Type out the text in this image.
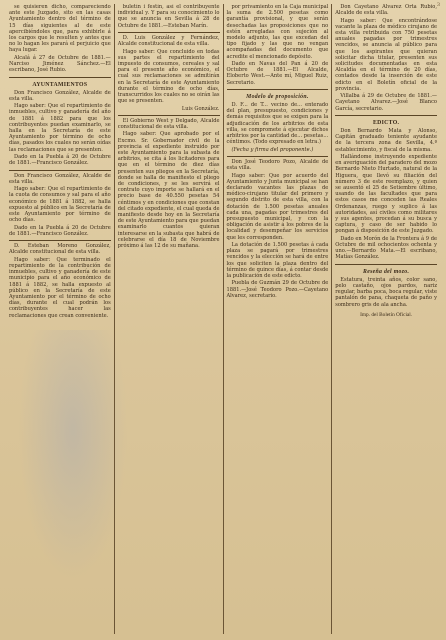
3

se quisieren dicho, compareciendo ante este Juzgado, sito en las casas Ayuntamiento dentro del término de 15 días siguientes al de este apercibiéndoles que, para exhibirle á los cargos que le resulten y antes que no lo hagan les parará el perjuicio que haya lugar.

Alcalá á 27 de Octubre de 1881.—Narciso Jiménez Sánchez.—El escribano, José Rubio.

AYUNTAMIENTOS

Don Francisco González, Alcalde de esta villa.

Hago saber: Que el repartimiento de inmuebles, cultivo y ganadería del año de 1881 á 1882 para que los contribuyentes puedan examinarlo, se halla en la Secretaría de este Ayuntamiento por término de ocho días, pasados los cuales no serán oídas las reclamaciones que se presenten.

Dado en la Puebla á 20 de Octubre de 1881.—Francisco González.

Don Francisco González, Alcalde de esta villa.

Hago saber: Que el repartimiento de la cuota de consumos y sal para el año económico de 1881 á 1882, se halla expuesto al público en la Secretaría de este Ayuntamiento por término de ocho días.

Dado en la Puebla á 20 de Octubre de 1881.—Francisco González.

D. Esteban Moreno González, Alcalde constitucional de esta villa.

Hago saber: Que terminado el repartimiento de la contribución de inmuebles, cultivo y ganadería de este municipio para el año económico de 1881 á 1882, se halla expuesto al público en la Secretaría de este Ayuntamiento por el término de ocho días, durante el cual podrán los contribuyentes hacer las reclamaciones que crean conveniente.

buletín i festín, así el contribuyente individual y. Y para su conocimiento lo que se anuncia en Sevilla á 28 de Octubre de 1881.—Esteban Marín.

D. Luis González y Fernández, Alcalde constitucional de esta villa.

Hago saber: Que concluido en todas sus partes el repartimiento del impuesto de consumos, cereales y sal para el presente año económico, el cual sus reclamaciones se admitirán en la Secretaría de este Ayuntamiento durante el término de ocho días, transcurridos los cuales no se oirán las que se presenten.

Luis González.

El Gobierno West y Delgado, Alcalde constitucional de esta villa.

Hago saber: Que aprobado por el Excmo. Sr. Gobernador civil de la provincia el expediente instruido por este Ayuntamiento para la subasta de arbitrios, se cita á los licitadores para que en el término de diez días presenten sus pliegos en la Secretaría, donde se halla de manifiesto el pliego de condiciones, y se les servirá el contrato cuyo importe se hallará en el precio base de 40.550 pesetas 54 céntimos y en condiciones que constan del citado expediente, el cual queda de manifiesto desde hoy en la Secretaría de este Ayuntamiento para que puedan examinarlo cuantos quieran interesarse en la subasta que habrá de celebrarse el día 18 de Noviembre próximo á las 12 de su mañana.

por privamiento en la Caja municipal la suma de 2.500 pesetas como garantía provisional, y que serán desechadas las proposiciones que no estén arregladas con sujeción al modelo adjunto, las que excedan del tipo fijado y las que no vengan acompañadas del documento que acredite el mencionado depósito.

Dado en Navas del Pan á 20 de Octubre de 1881.—El Alcalde, Eloberto West.—Ante mí, Miguel Ruiz, Secretario.

Modelo de proposición.

D. F... de T... vecino de... enterado del plan, presupuesto, condiciones y demás requisitos que se exigen para la adjudicación de los arbitrios de esta villa, se compromete á ejecutar dichos arbitrios por la cantidad de... pesetas... céntimos. (Todo expresado en letra.)

(Fecha y firma del proponente.)

Don José Teodoro Pozo, Alcalde de esta villa.

Hago saber: Que por acuerdo del Ayuntamiento y Junta municipal se han declarado vacantes las plazas de médico-cirujano titular del primero y segundo distrito de esta villa, con la dotación de 1.500 pesetas anuales cada una, pagadas por trimestres del presupuesto municipal, y con la obligación de asistir á los pobres de la localidad y desempeñar los servicios que les corresponden.

La dotación de 1.500 pesetas á cada plaza se pagará por trimestres vencidos y la elección se hará de entre los que soliciten la plaza dentro del término de quince días, á contar desde la publicación de este edicto.

Puebla de Guzmán 29 de Octubre de 1881.—José Teodoro Pozo.—Cayetano Alvarez, secretario.

Don Cayetano Alvarez Orta Rubio, Alcalde de esta villa.

Hago saber: Que encontrándose vacante la plaza de médico cirujano de esta villa retribuida con 750 pesetas anuales pagadas por trimestres vencidos, se anuncia al público para que los aspirantes que quieran solicitar dicha titular, presenten sus solicitudes documentadas en esta Alcaldía en el término de 20 días, contados desde la inserción de este edicto en el Boletín oficial de la provincia.

Villalba á 29 de Octubre de 1881.—Cayetano Alvarez.—José Blanco García, secretario.

EDICTO.

Don Bernardo Mata y Alonso, Capitán graduado teniente ayudante de la tercera zona de Sevilla, 4.º establecimiento, y fiscal de la misma.

Hallándome instruyendo expediente en averiguación del paradero del mozo Bernardo Nieto Hurtado, natural de la Higuera, que llevó su filiación del número 3 de este reemplazo, y quien se ausentó el 25 de Setiembre último, usando de las facultades que para estos casos me conceden las Reales Ordenanzas, ruego y suplico á las autoridades, así civiles como militares y sus agentes, procedan á su busca y captura, y caso de ser habido lo pongan á disposición de este Juzgado.

Dado en Morón de la Frontera á 9 de Octubre de mil ochocientos ochenta y uno.—Bernardo Mata.—El escribano, Matías González.

Reseña del mozo.

Estatura, treinta años, color sano, pelo castaño, ojos pardos, nariz regular, barba poca, boca regular, viste pantalón de pana, chaqueta de paño y sombrero gris de ala ancha.

Imp. del Boletín Oficial.
